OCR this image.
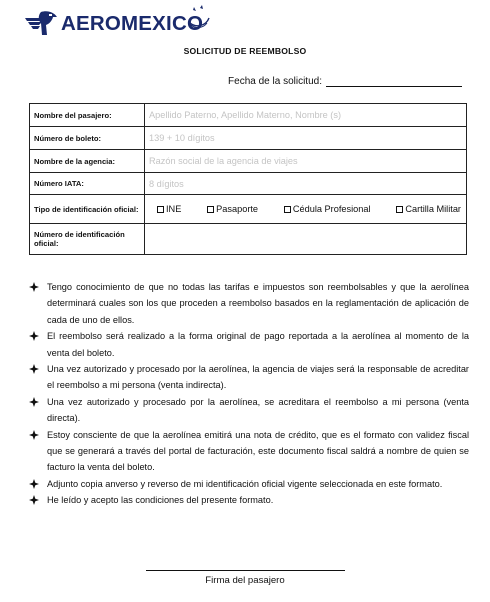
AEROMEXICO
SOLICITUD DE REEMBOLSO
Fecha de la solicitud:
Nombre del pasajero:	Apellido Paterno, Apellido Materno, Nombre (s)
Número de boleto:	139 + 10 dígitos
Nombre de la agencia:	Razón social de la agencia de viajes
Número IATA:	8 dígitos
Tipo de identificación oficial:	INE Pasaporte Cédula Profesional Cartilla Militar

Número de identificación oficial:	
Tengo conocimiento de que no todas las tarifas e impuestos son reembolsables y que la aerolínea determinará cuales son los que proceden a reembolso basados en la reglamentación de aplicación de cada de uno de ellos.
El reembolso será realizado a la forma original de pago reportada a la aerolínea al momento de la venta del boleto.
Una vez autorizado y procesado por la aerolínea, la agencia de viajes será la responsable de acreditar el reembolso a mi persona (venta indirecta).
Una vez autorizado y procesado por la aerolínea, se acreditara el reembolso a mi persona (venta directa).
Estoy consciente de que la aerolínea emitirá una nota de crédito, que es el formato con validez fiscal que se generará a través del portal de facturación, este documento fiscal saldrá a nombre de quien se facturo la venta del boleto.
Adjunto copia anverso y reverso de mi identificación oficial vigente seleccionada en este formato.
He leído y acepto las condiciones del presente formato.
Firma del pasajero
